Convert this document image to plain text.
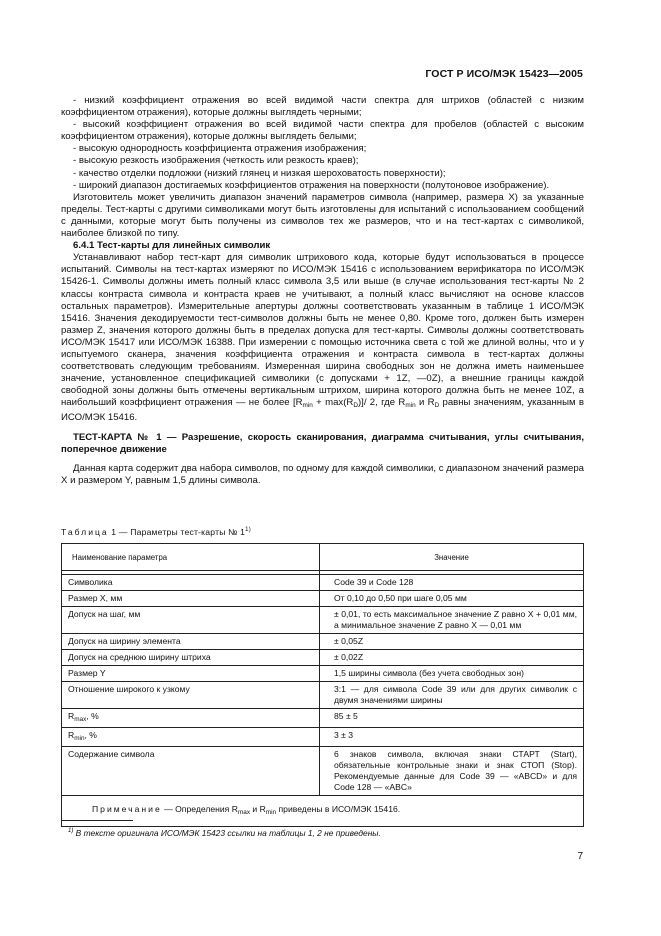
ГОСТ Р ИСО/МЭК 15423—2005

- низкий коэффициент отражения во всей видимой части спектра для штрихов (областей с низким коэффициентом отражения), которые должны выглядеть черными;

- высокий коэффициент отражения во всей видимой части спектра для пробелов (областей с высоким коэффициентом отражения), которые должны выглядеть белыми;

- высокую однородность коэффициента отражения изображения;

- высокую резкость изображения (четкость или резкость краев);

- качество отделки подложки (низкий глянец и низкая шероховатость поверхности);

- широкий диапазон достигаемых коэффициентов отражения на поверхности (полутоновое изображение).

Изготовитель может увеличить диапазон значений параметров символа (например, размера X) за указанные пределы. Тест-карты с другими символиками могут быть изготовлены для испытаний с использованием сообщений с данными, которые могут быть получены из символов тех же размеров, что и на тест-картах с символикой, наиболее близкой по типу.

6.4.1 Тест-карты для линейных символик

Устанавливают набор тест-карт для символик штрихового кода, которые будут использоваться в процессе испытаний. Символы на тест-картах измеряют по ИСО/МЭК 15416 с использованием верификатора по ИСО/МЭК 15426-1. Символы должны иметь полный класс символа 3,5 или выше (в случае использования тест-карты № 2 классы контраста символа и контраста краев не учитывают, а полный класс вычисляют на основе классов остальных параметров). Измерительные апертуры должны соответствовать указанным в таблице 1 ИСО/МЭК 15416. Значения декодируемости тест-символов должны быть не менее 0,80. Кроме того, должен быть измерен размер Z, значения которого должны быть в пределах допуска для тест-карты. Символы должны соответствовать ИСО/МЭК 15417 или ИСО/МЭК 16388. При измерении с помощью источника света с той же длиной волны, что и у испытуемого сканера, значения коэффициента отражения и контраста символа в тест-картах должны соответствовать следующим требованиям. Измеренная ширина свободных зон не должна иметь наименьшее значение, установленное спецификацией символики (с допусками + 1Z, —0Z), а внешние границы каждой свободной зоны должны быть отмечены вертикальным штрихом, ширина которого должна быть не менее 10Z, а наибольший коэффициент отражения — не более $[R_{min} + \max(R_D)]/$ 2, где $R_{min}$ и $R_D$ равны значениям, указанным в ИСО/МЭК 15416.

ТЕСТ-КАРТА № 1 — Разрешение, скорость сканирования, диаграмма считывания, углы считывания, поперечное движение

Данная карта содержит два набора символов, по одному для каждой символики, с диапазоном значений размера X и размером Y, равным 1,5 длины символа.

Таблица 1 — Параметры тест-карты № 1$^{1)}$
Наименование параметра	Значение

Символика	Code 39 и Code 128
Размер X, мм	От 0,10 до 0,50 при шаге 0,05 мм
Допуск на шаг, мм	± 0,01, то есть максимальное значение Z равно X + 0,01 мм, а минимальное значение Z равно X — 0,01 мм
Допуск на ширину элемента	± 0,05Z
Допуск на среднюю ширину штриха	± 0,02Z
Размер Y	1,5 ширины символа (без учета свободных зон)
Отношение широкого к узкому	3:1 — для символа Code 39 или для других символик с двумя значениями ширины
$R_{max}$, %	85 ± 5
$R_{min}$, %	3 ± 3
Содержание символа	6 знаков символа, включая знаки СТАРТ (Start), обязательные контрольные знаки и знак СТОП (Stop). Рекомендуемые данные для Code 39 — «ABCD» и для Code 128 — «ABC»
Примечание — Определения $R_{max}$ и $R_{min}$ приведены в ИСО/МЭК 15416.	
$^{1)}$ В тексте оригинала ИСО/МЭК 15423 ссылки на таблицы 1, 2 не приведены.
7
